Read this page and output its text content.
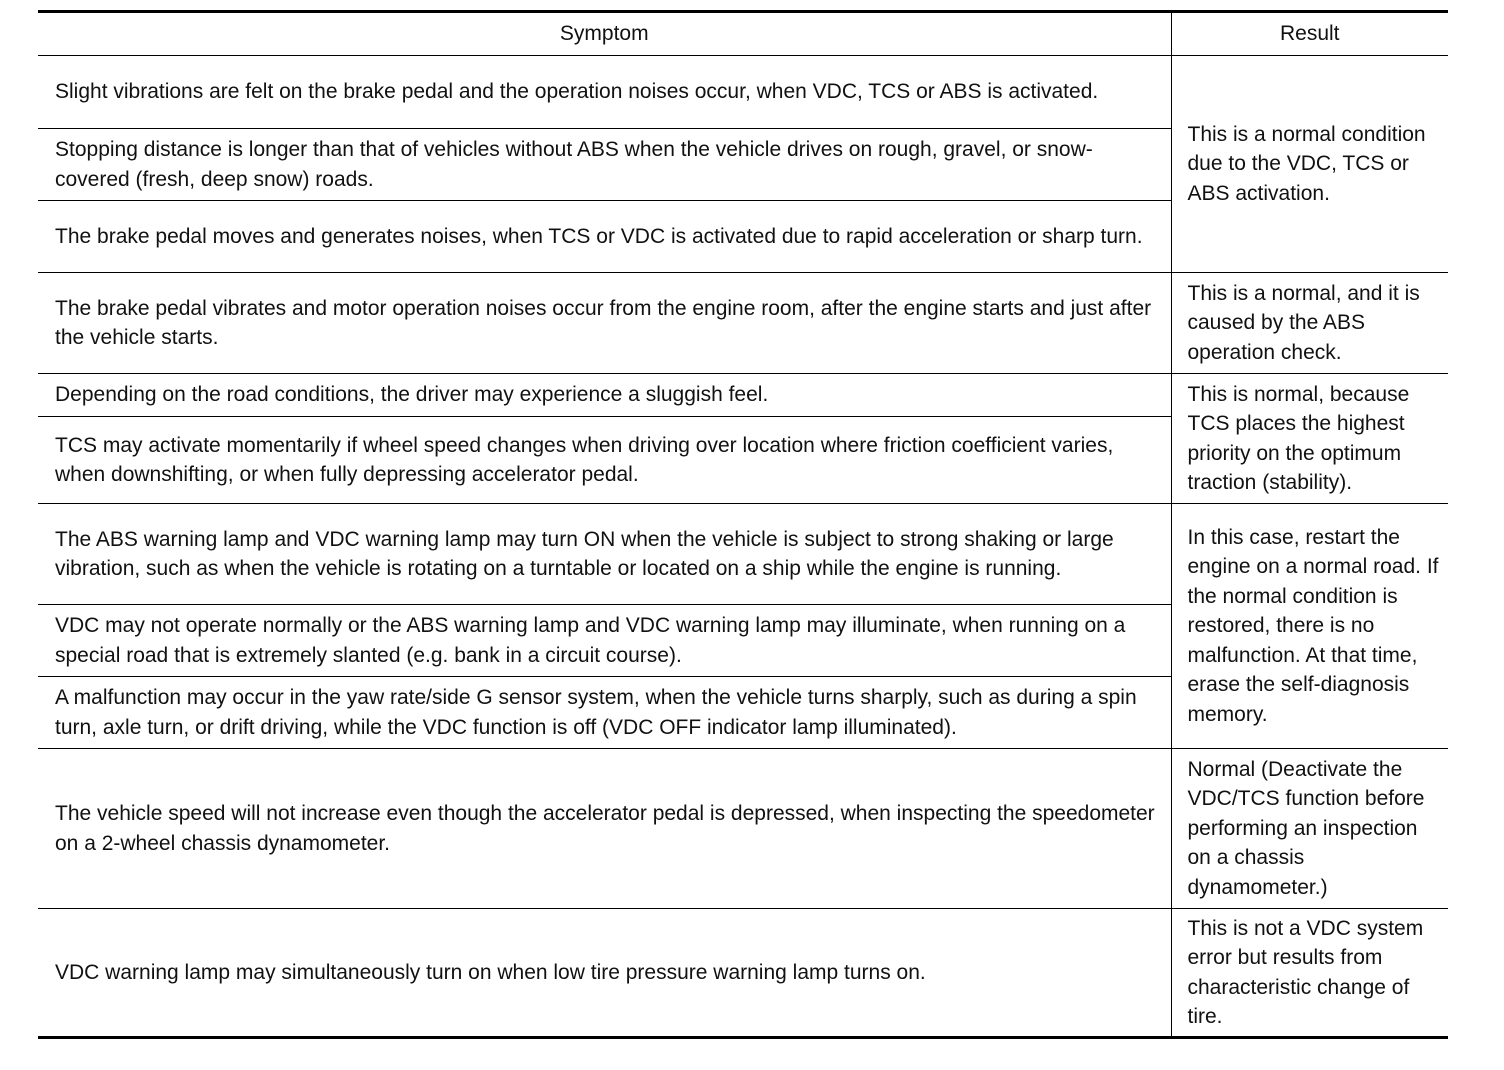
Symptom	Result
Slight vibrations are felt on the brake pedal and the operation noises occur, when VDC, TCS or ABS is activated.	This is a normal condition due to the VDC, TCS or ABS activation.
Stopping distance is longer than that of vehicles without ABS when the vehicle drives on rough, gravel, or snow-covered (fresh, deep snow) roads.	
The brake pedal moves and generates noises, when TCS or VDC is activated due to rapid acceleration or sharp turn.	
The brake pedal vibrates and motor operation noises occur from the engine room, after the engine starts and just after the vehicle starts.	This is a normal, and it is caused by the ABS operation check.
Depending on the road conditions, the driver may experience a sluggish feel.	This is normal, because TCS places the highest priority on the optimum traction (stability).
TCS may activate momentarily if wheel speed changes when driving over location where friction coefficient varies, when downshifting, or when fully depressing accelerator pedal.	
The ABS warning lamp and VDC warning lamp may turn ON when the vehicle is subject to strong shaking or large vibration, such as when the vehicle is rotating on a turntable or located on a ship while the engine is running.	In this case, restart the engine on a normal road. If the normal condition is restored, there is no malfunction. At that time, erase the self-diagnosis memory.
VDC may not operate normally or the ABS warning lamp and VDC warning lamp may illuminate, when running on a special road that is extremely slanted (e.g. bank in a circuit course).	
A malfunction may occur in the yaw rate/side G sensor system, when the vehicle turns sharply, such as during a spin turn, axle turn, or drift driving, while the VDC function is off (VDC OFF indicator lamp illuminated).	
The vehicle speed will not increase even though the accelerator pedal is depressed, when inspecting the speedometer on a 2-wheel chassis dynamometer.	Normal (Deactivate the VDC/TCS function before performing an inspection on a chassis dynamometer.)
VDC warning lamp may simultaneously turn on when low tire pressure warning lamp turns on.	This is not a VDC system error but results from characteristic change of tire.
